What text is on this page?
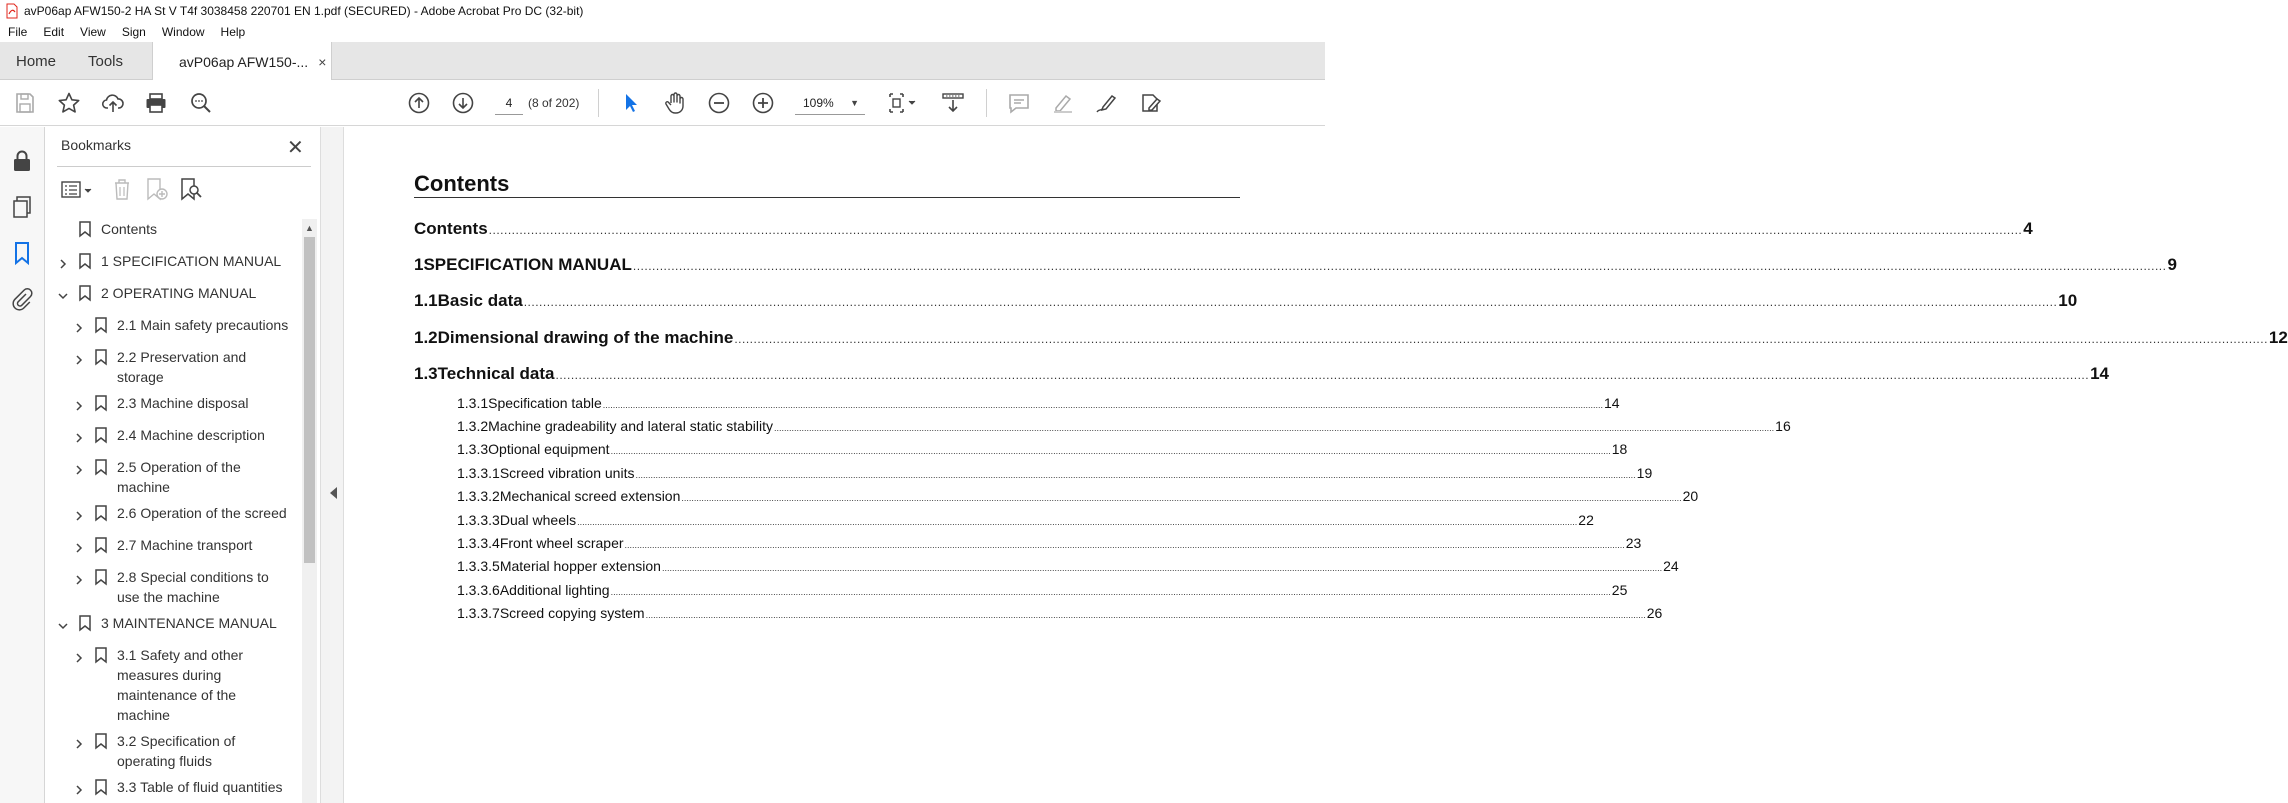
avP06ap AFW150-2 HA St V T4f 3038458 220701 EN 1.pdf (SECURED) - Adobe Acrobat Pro DC (32-bit)
File	Edit	View	Sign	Window	Help
Home Tools	avP06ap AFW150-... ×
4	(8 of 202)	109% ▼
Bookmarks	✕
Contents
1 SPECIFICATION MANUAL
2 OPERATING MANUAL
2.1 Main safety precautions
2.2 Preservation and
storage
2.3 Machine disposal
2.4 Machine description
2.5 Operation of the
machine
2.6 Operation of the screed
2.7 Machine transport
2.8 Special conditions to
use the machine
3 MAINTENANCE MANUAL
3.1 Safety and other
measures during
maintenance of the
machine
3.2 Specification of
operating fluids
3.3 Table of fluid quantities
▲
Contents
Contents ................................................................................................................................................................................................................................................................................................................................................................................................................ 4
1 SPECIFICATION MANUAL ................................................................................................................................................................................................................................................................................................................................................................................................................ 9
1.1 Basic data ................................................................................................................................................................................................................................................................................................................................................................................................................ 10
1.2 Dimensional drawing of the machine ................................................................................................................................................................................................................................................................................................................................................................................................................ 12
1.3 Technical data ................................................................................................................................................................................................................................................................................................................................................................................................................ 14
1.3.1 Specification table ................................................................................................................................................................................................................................................................................................................................................................................................................ 14
1.3.2 Machine gradeability and lateral static stability ................................................................................................................................................................................................................................................................................................................................................................................................................ 16
1.3.3 Optional equipment ................................................................................................................................................................................................................................................................................................................................................................................................................ 18
1.3.3.1 Screed vibration units ................................................................................................................................................................................................................................................................................................................................................................................................................ 19
1.3.3.2 Mechanical screed extension ................................................................................................................................................................................................................................................................................................................................................................................................................ 20
1.3.3.3 Dual wheels ................................................................................................................................................................................................................................................................................................................................................................................................................ 22
1.3.3.4 Front wheel scraper ................................................................................................................................................................................................................................................................................................................................................................................................................ 23
1.3.3.5 Material hopper extension ................................................................................................................................................................................................................................................................................................................................................................................................................ 24
1.3.3.6 Additional lighting ................................................................................................................................................................................................................................................................................................................................................................................................................ 25
1.3.3.7 Screed copying system ................................................................................................................................................................................................................................................................................................................................................................................................................ 26
